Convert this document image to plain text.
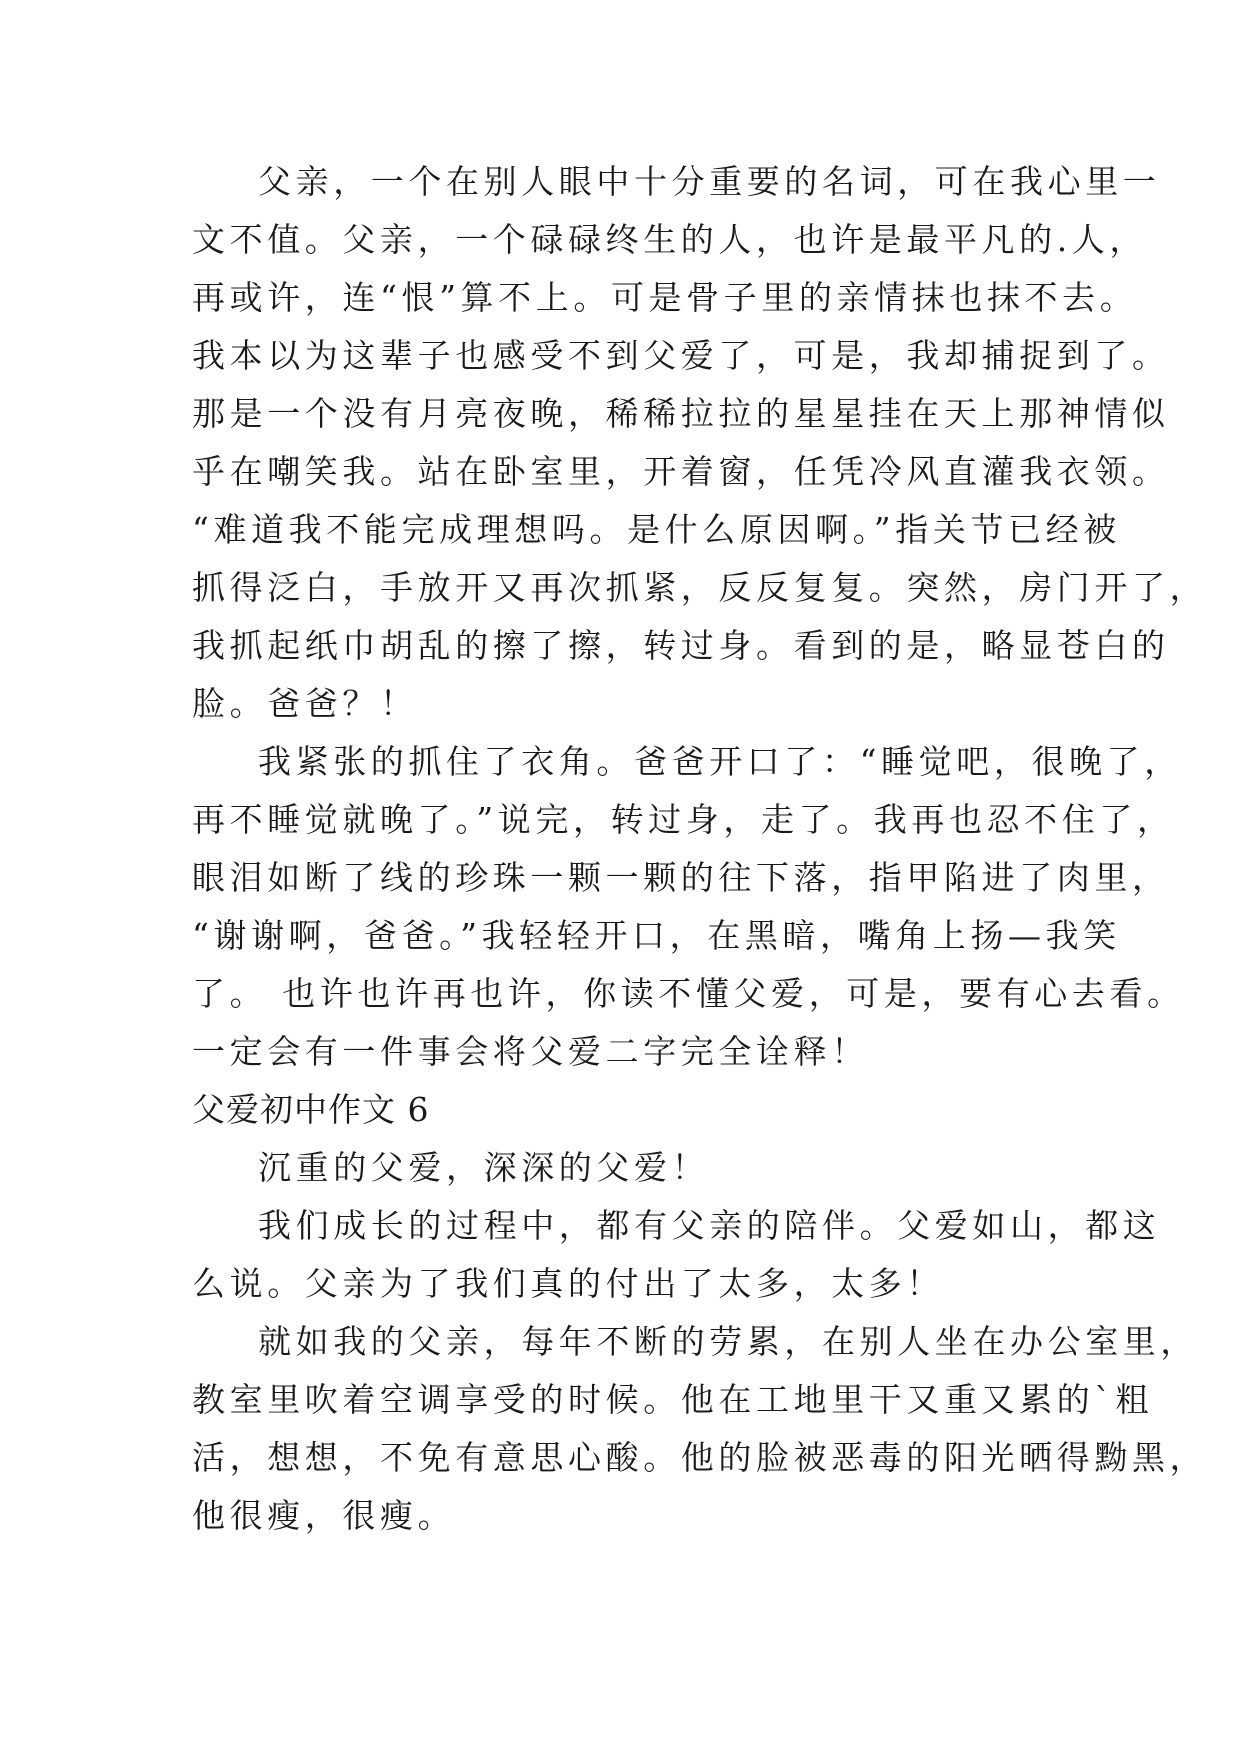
父亲，一个在别人眼中十分重要的名词，可在我心里一
文不值。父亲，一个碌碌终生的人，也许是最平凡的.人，
再或许，连“恨”算不上。可是骨子里的亲情抹也抹不去。
我本以为这辈子也感受不到父爱了，可是，我却捕捉到了。
那是一个没有月亮夜晚，稀稀拉拉的星星挂在天上那神情似
乎在嘲笑我。站在卧室里，开着窗，任凭冷风直灌我衣领。
“难道我不能完成理想吗。是什么原因啊。”指关节已经被
抓得泛白，手放开又再次抓紧，反反复复。突然，房门开了，
我抓起纸巾胡乱的擦了擦，转过身。看到的是，略显苍白的
脸。爸爸？！
我紧张的抓住了衣角。爸爸开口了：“睡觉吧，很晚了，
再不睡觉就晚了。”说完，转过身，走了。我再也忍不住了，
眼泪如断了线的珍珠一颗一颗的往下落，指甲陷进了肉里，
“谢谢啊，爸爸。”我轻轻开口，在黑暗，嘴角上扬—我笑
了。 也许也许再也许，你读不懂父爱，可是，要有心去看。
一定会有一件事会将父爱二字完全诠释！
父爱初中作文 6
沉重的父爱，深深的父爱！
我们成长的过程中，都有父亲的陪伴。父爱如山，都这
么说。父亲为了我们真的付出了太多，太多！
就如我的父亲，每年不断的劳累，在别人坐在办公室里，
教室里吹着空调享受的时候。他在工地里干又重又累的`粗
活，想想，不免有意思心酸。他的脸被恶毒的阳光晒得黝黑，
他很瘦，很瘦。
